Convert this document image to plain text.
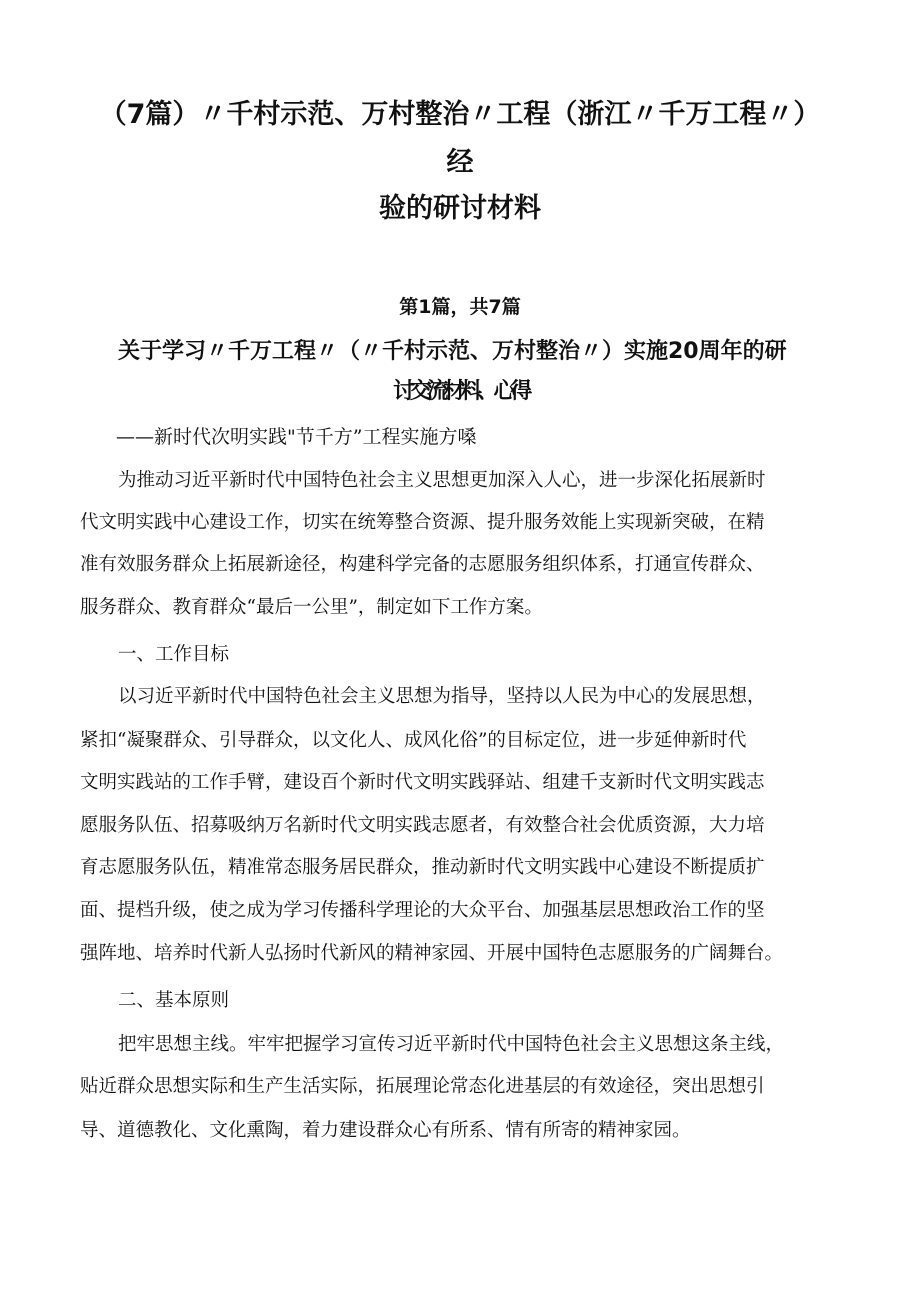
（7篇）〃千村示范、万村整治〃工程（浙江〃千万工程〃）
经
验的研讨材料
第1篇，共7篇
关于学习〃千万工程〃（〃千村示范、万村整治〃）实施20周年的研
讨交流材料、心得
——新时代次明实践"节千方”工程实施方嗓
为推动习近平新时代中国特色社会主义思想更加深入人心，进一步深化拓展新时
代文明实践中心建设工作，切实在统筹整合资源、提升服务效能上实现新突破，在精
准有效服务群众上拓展新途径，构建科学完备的志愿服务组织体系，打通宣传群众、
服务群众、教育群众“最后一公里”，制定如下工作方案。
一、工作目标
以习近平新时代中国特色社会主义思想为指导，坚持以人民为中心的发展思想，
紧扣“凝聚群众、引导群众，以文化人、成风化俗”的目标定位，进一步延伸新时代
文明实践站的工作手臂，建设百个新时代文明实践驿站、组建千支新时代文明实践志
愿服务队伍、招募吸纳万名新时代文明实践志愿者，有效整合社会优质资源，大力培
育志愿服务队伍，精准常态服务居民群众，推动新时代文明实践中心建设不断提质扩
面、提档升级，使之成为学习传播科学理论的大众平台、加强基层思想政治工作的坚
强阵地、培养时代新人弘扬时代新风的精神家园、开展中国特色志愿服务的广阔舞台。
二、基本原则
把牢思想主线。牢牢把握学习宣传习近平新时代中国特色社会主义思想这条主线，
贴近群众思想实际和生产生活实际，拓展理论常态化进基层的有效途径，突出思想引
导、道德教化、文化熏陶，着力建设群众心有所系、情有所寄的精神家园。
